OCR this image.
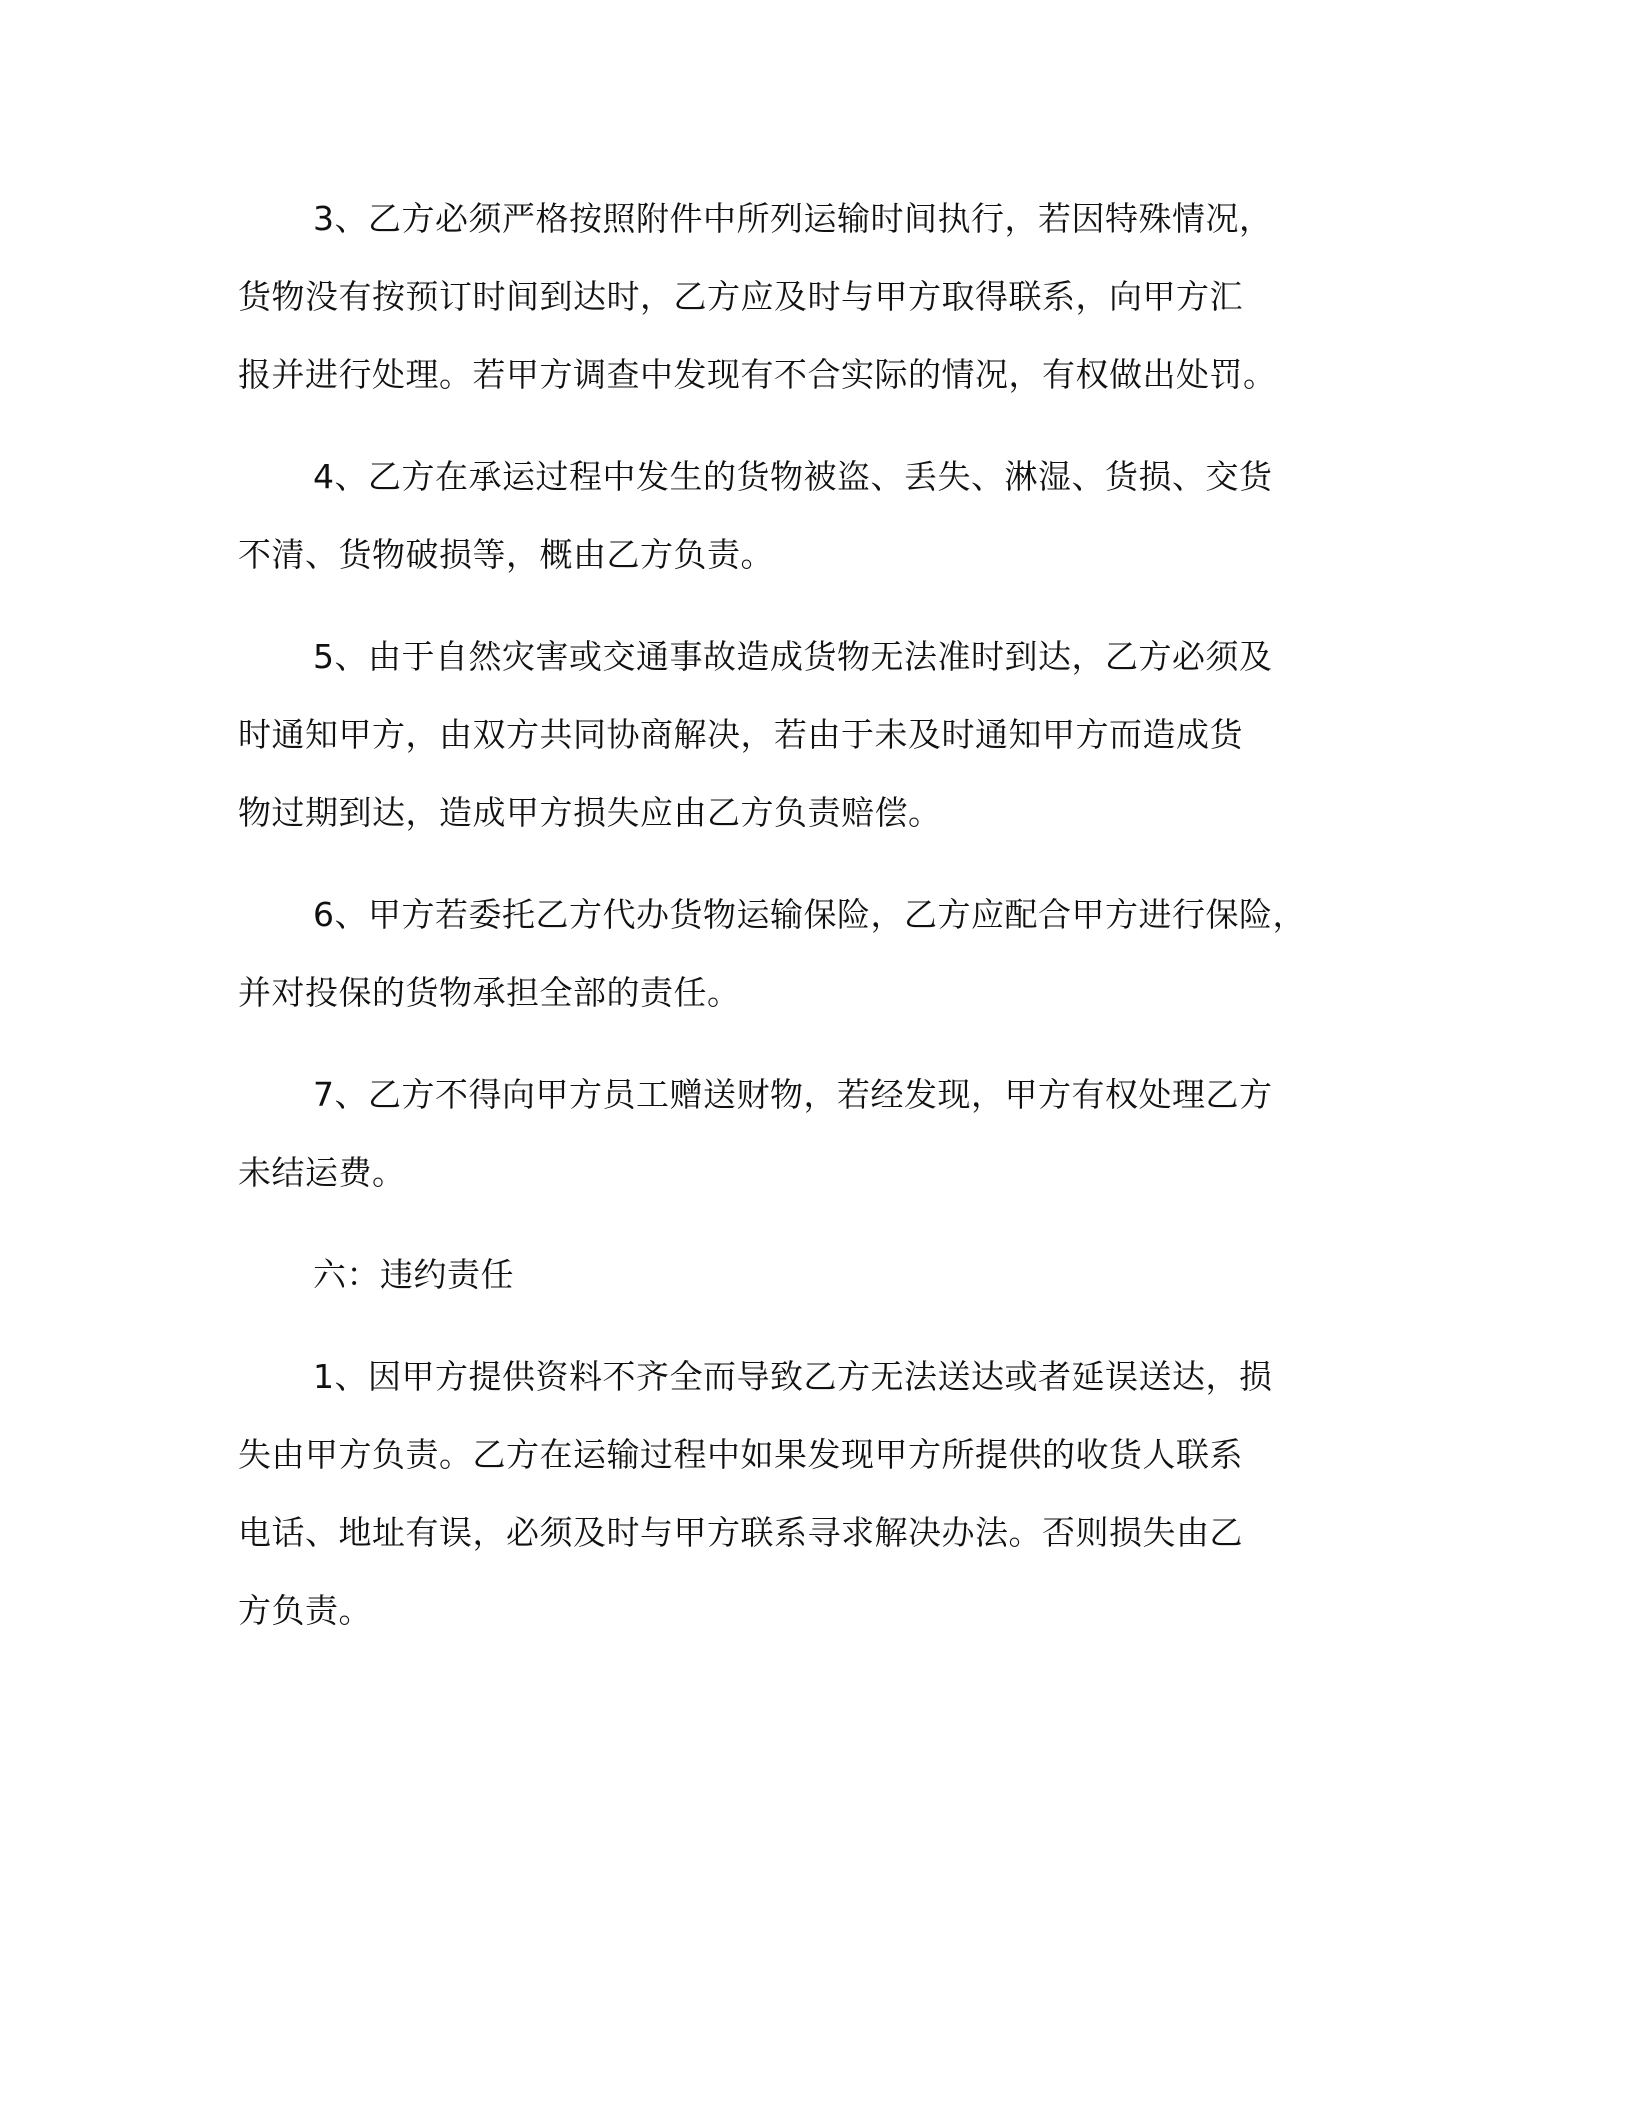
3、乙方必须严格按照附件中所列运输时间执行，若因特殊情况，
货物没有按预订时间到达时，乙方应及时与甲方取得联系，向甲方汇
报并进行处理。若甲方调查中发现有不合实际的情况，有权做出处罚。
4、乙方在承运过程中发生的货物被盗、丢失、淋湿、货损、交货
不清、货物破损等，概由乙方负责。
5、由于自然灾害或交通事故造成货物无法准时到达，乙方必须及
时通知甲方，由双方共同协商解决，若由于未及时通知甲方而造成货
物过期到达，造成甲方损失应由乙方负责赔偿。
6、甲方若委托乙方代办货物运输保险，乙方应配合甲方进行保险，
并对投保的货物承担全部的责任。
7、乙方不得向甲方员工赠送财物，若经发现，甲方有权处理乙方
未结运费。
六：违约责任
1、因甲方提供资料不齐全而导致乙方无法送达或者延误送达，损
失由甲方负责。乙方在运输过程中如果发现甲方所提供的收货人联系
电话、地址有误，必须及时与甲方联系寻求解决办法。否则损失由乙
方负责。
